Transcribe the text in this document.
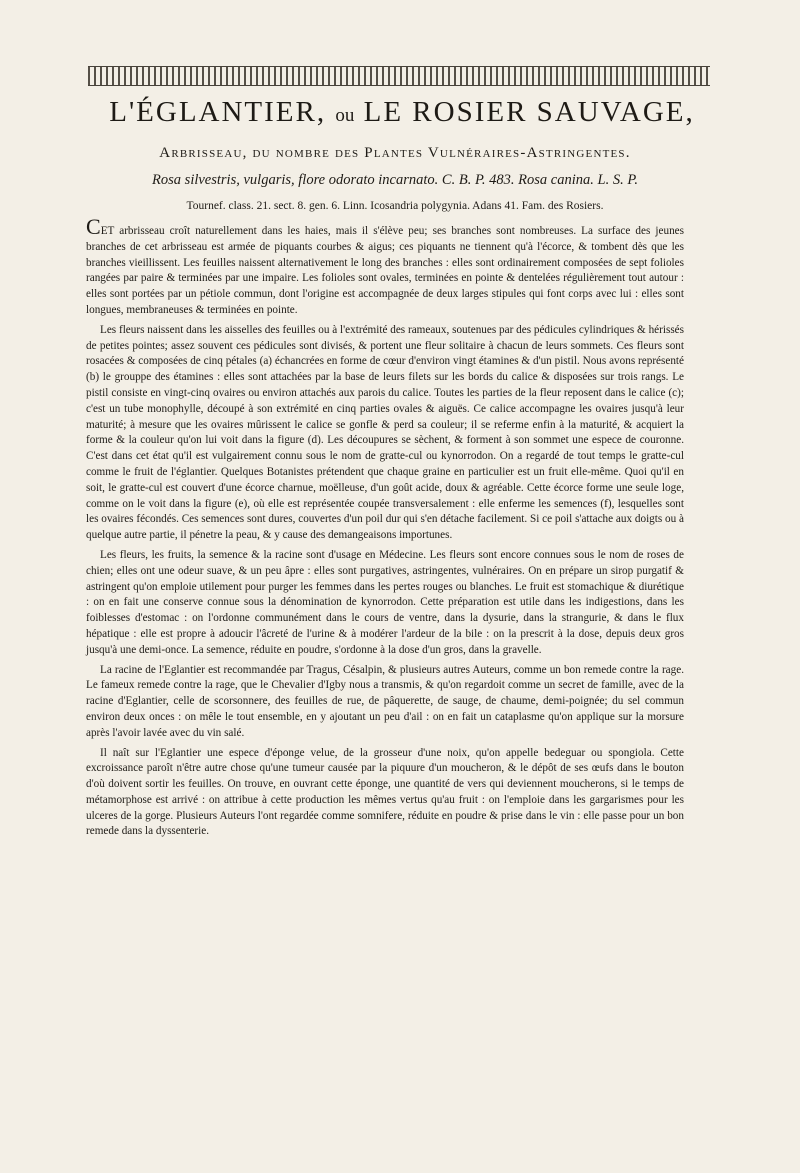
L'ÉGLANTIER, ou LE ROSIER SAUVAGE,
Arbrisseau, du nombre des Plantes Vulnéraires-Astringentes.
Rosa silvestris, vulgaris, flore odorato incarnato. C. B. P. 483. Rosa canina. L. S. P.
Tournef. class. 21. sect. 8. gen. 6. Linn. Icosandria polygynia. Adans 41. Fam. des Rosiers.

CET arbrisseau croît naturellement dans les haies, mais il s'élève peu; ses branches sont nombreuses. La surface des jeunes branches de cet arbrisseau est armée de piquants courbes & aigus; ces piquants ne tiennent qu'à l'écorce, & tombent dès que les branches vieillissent. Les feuilles naissent alternativement le long des branches : elles sont ordinairement composées de sept folioles rangées par paire & terminées par une impaire. Les folioles sont ovales, terminées en pointe & dentelées régulièrement tout autour : elles sont portées par un pétiole commun, dont l'origine est accompagnée de deux larges stipules qui font corps avec lui : elles sont longues, membraneuses & terminées en pointe.

Les fleurs naissent dans les aisselles des feuilles ou à l'extrémité des rameaux, soutenues par des pédicules cylindriques & hérissés de petites pointes; assez souvent ces pédicules sont divisés, & portent une fleur solitaire à chacun de leurs sommets. Ces fleurs sont rosacées & composées de cinq pétales (a) échancrées en forme de cœur d'environ vingt étamines & d'un pistil. Nous avons représenté (b) le grouppe des étamines : elles sont attachées par la base de leurs filets sur les bords du calice & disposées sur trois rangs. Le pistil consiste en vingt-cinq ovaires ou environ attachés aux parois du calice. Toutes les parties de la fleur reposent dans le calice (c); c'est un tube monophylle, découpé à son extrémité en cinq parties ovales & aiguës. Ce calice accompagne les ovaires jusqu'à leur maturité; à mesure que les ovaires mûrissent le calice se gonfle & perd sa couleur; il se referme enfin à la maturité, & acquiert la forme & la couleur qu'on lui voit dans la figure (d). Les découpures se sèchent, & forment à son sommet une espece de couronne. C'est dans cet état qu'il est vulgairement connu sous le nom de gratte-cul ou kynorrodon. On a regardé de tout temps le gratte-cul comme le fruit de l'églantier. Quelques Botanistes prétendent que chaque graine en particulier est un fruit elle-même. Quoi qu'il en soit, le gratte-cul est couvert d'une écorce charnue, moëlleuse, d'un goût acide, doux & agréable. Cette écorce forme une seule loge, comme on le voit dans la figure (e), où elle est représentée coupée transversalement : elle enferme les semences (f), lesquelles sont les ovaires fécondés. Ces semences sont dures, couvertes d'un poil dur qui s'en détache facilement. Si ce poil s'attache aux doigts ou à quelque autre partie, il pénetre la peau, & y cause des demangeaisons importunes.

Les fleurs, les fruits, la semence & la racine sont d'usage en Médecine. Les fleurs sont encore connues sous le nom de roses de chien; elles ont une odeur suave, & un peu âpre : elles sont purgatives, astringentes, vulnéraires. On en prépare un sirop purgatif & astringent qu'on emploie utilement pour purger les femmes dans les pertes rouges ou blanches. Le fruit est stomachique & diurétique : on en fait une conserve connue sous la dénomination de kynorrodon. Cette préparation est utile dans les indigestions, dans les foiblesses d'estomac : on l'ordonne communément dans le cours de ventre, dans la dysurie, dans la strangurie, & dans le flux hépatique : elle est propre à adoucir l'âcreté de l'urine & à modérer l'ardeur de la bile : on la prescrit à la dose, depuis deux gros jusqu'à une demi-once. La semence, réduite en poudre, s'ordonne à la dose d'un gros, dans la gravelle.

La racine de l'Eglantier est recommandée par Tragus, Césalpin, & plusieurs autres Auteurs, comme un bon remede contre la rage. Le fameux remede contre la rage, que le Chevalier d'Igby nous a transmis, & qu'on regardoit comme un secret de famille, avec de la racine d'Eglantier, celle de scorsonnere, des feuilles de rue, de pâquerette, de sauge, de chaume, demi-poignée; du sel commun environ deux onces : on mêle le tout ensemble, en y ajoutant un peu d'ail : on en fait un cataplasme qu'on applique sur la morsure après l'avoir lavée avec du vin salé.

Il naît sur l'Eglantier une espece d'éponge velue, de la grosseur d'une noix, qu'on appelle bedeguar ou spongiola. Cette excroissance paroît n'être autre chose qu'une tumeur causée par la piquure d'un moucheron, & le dépôt de ses œufs dans le bouton d'où doivent sortir les feuilles. On trouve, en ouvrant cette éponge, une quantité de vers qui deviennent moucherons, si le temps de métamorphose est arrivé : on attribue à cette production les mêmes vertus qu'au fruit : on l'emploie dans les gargarismes pour les ulceres de la gorge. Plusieurs Auteurs l'ont regardée comme somnifere, réduite en poudre & prise dans le vin : elle passe pour un bon remede dans la dyssenterie.
